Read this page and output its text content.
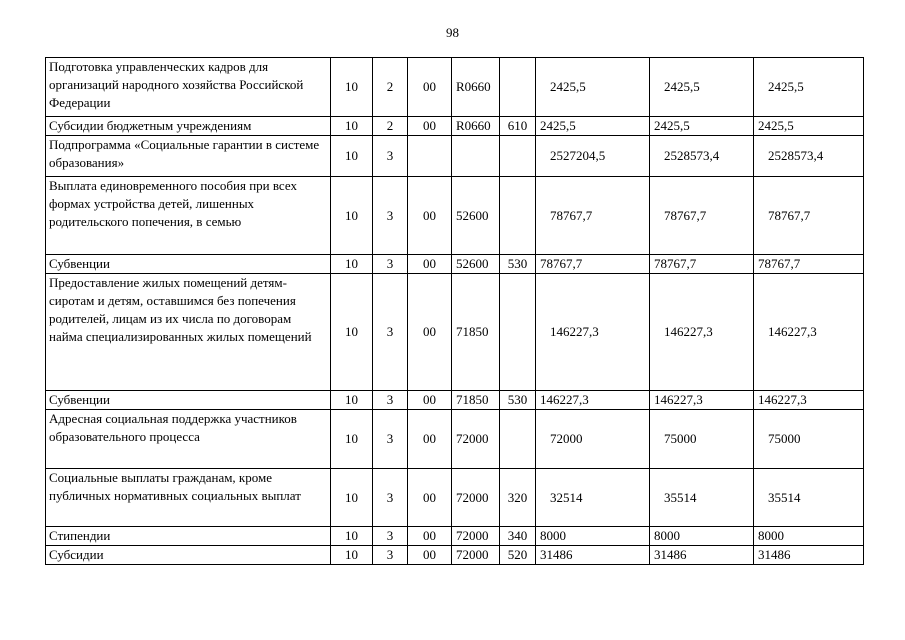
98
Подготовка управленческих кадров для организаций народного хозяйства Российской Федерации	10	2	00	R0660		2425,5	2425,5	2425,5
Субсидии бюджетным учреждениям	10	2	00	R0660	610	2425,5	2425,5	2425,5
Подпрограмма «Социальные гарантии в системе образования»	10	3				2527204,5	2528573,4	2528573,4
Выплата единовременного пособия при всех формах устройства детей, лишенных родительского попечения, в семью	10	3	00	52600		78767,7	78767,7	78767,7
Субвенции	10	3	00	52600	530	78767,7	78767,7	78767,7
Предоставление жилых помещений детям-сиротам и детям, оставшимся без попечения родителей, лицам из их числа по договорам найма специализированных жилых помещений	10	3	00	71850		146227,3	146227,3	146227,3
Субвенции	10	3	00	71850	530	146227,3	146227,3	146227,3
Адресная социальная поддержка участников образовательного процесса	10	3	00	72000		72000	75000	75000
Социальные выплаты гражданам, кроме публичных нормативных социальных выплат	10	3	00	72000	320	32514	35514	35514
Стипендии	10	3	00	72000	340	8000	8000	8000
Субсидии	10	3	00	72000	520	31486	31486	31486
